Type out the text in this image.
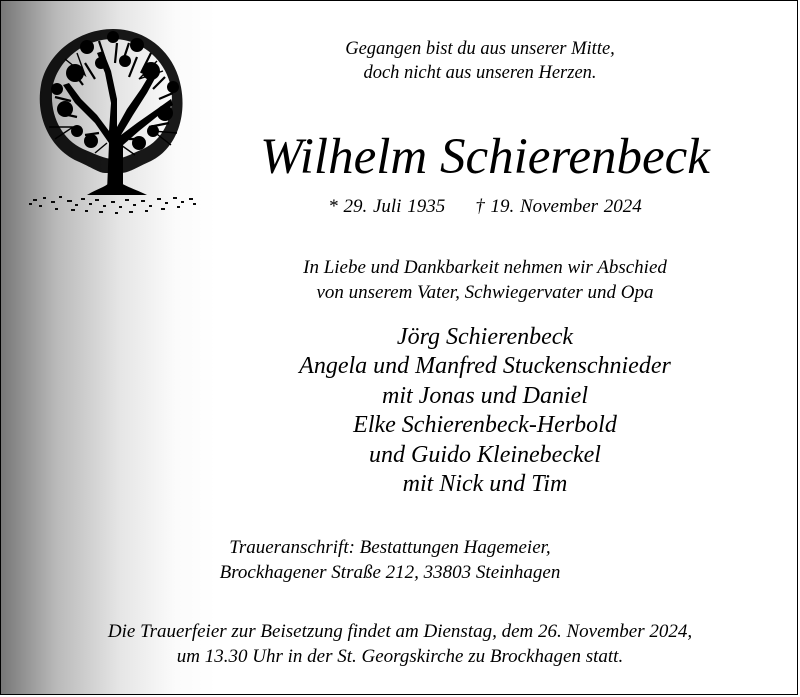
Gegangen bist du aus unserer Mitte,
doch nicht aus unseren Herzen.
Wilhelm Schierenbeck
* 29. Juli 1935 † 19. November 2024
In Liebe und Dankbarkeit nehmen wir Abschied
von unserem Vater, Schwiegervater und Opa
Jörg Schierenbeck
Angela und Manfred Stuckenschnieder
mit Jonas und Daniel
Elke Schierenbeck-Herbold
und Guido Kleinebeckel
mit Nick und Tim
Traueranschrift: Bestattungen Hagemeier,
Brockhagener Straße 212, 33803 Steinhagen
Die Trauerfeier zur Beisetzung findet am Dienstag, dem 26. November 2024,
um 13.30 Uhr in der St. Georgskirche zu Brockhagen statt.
